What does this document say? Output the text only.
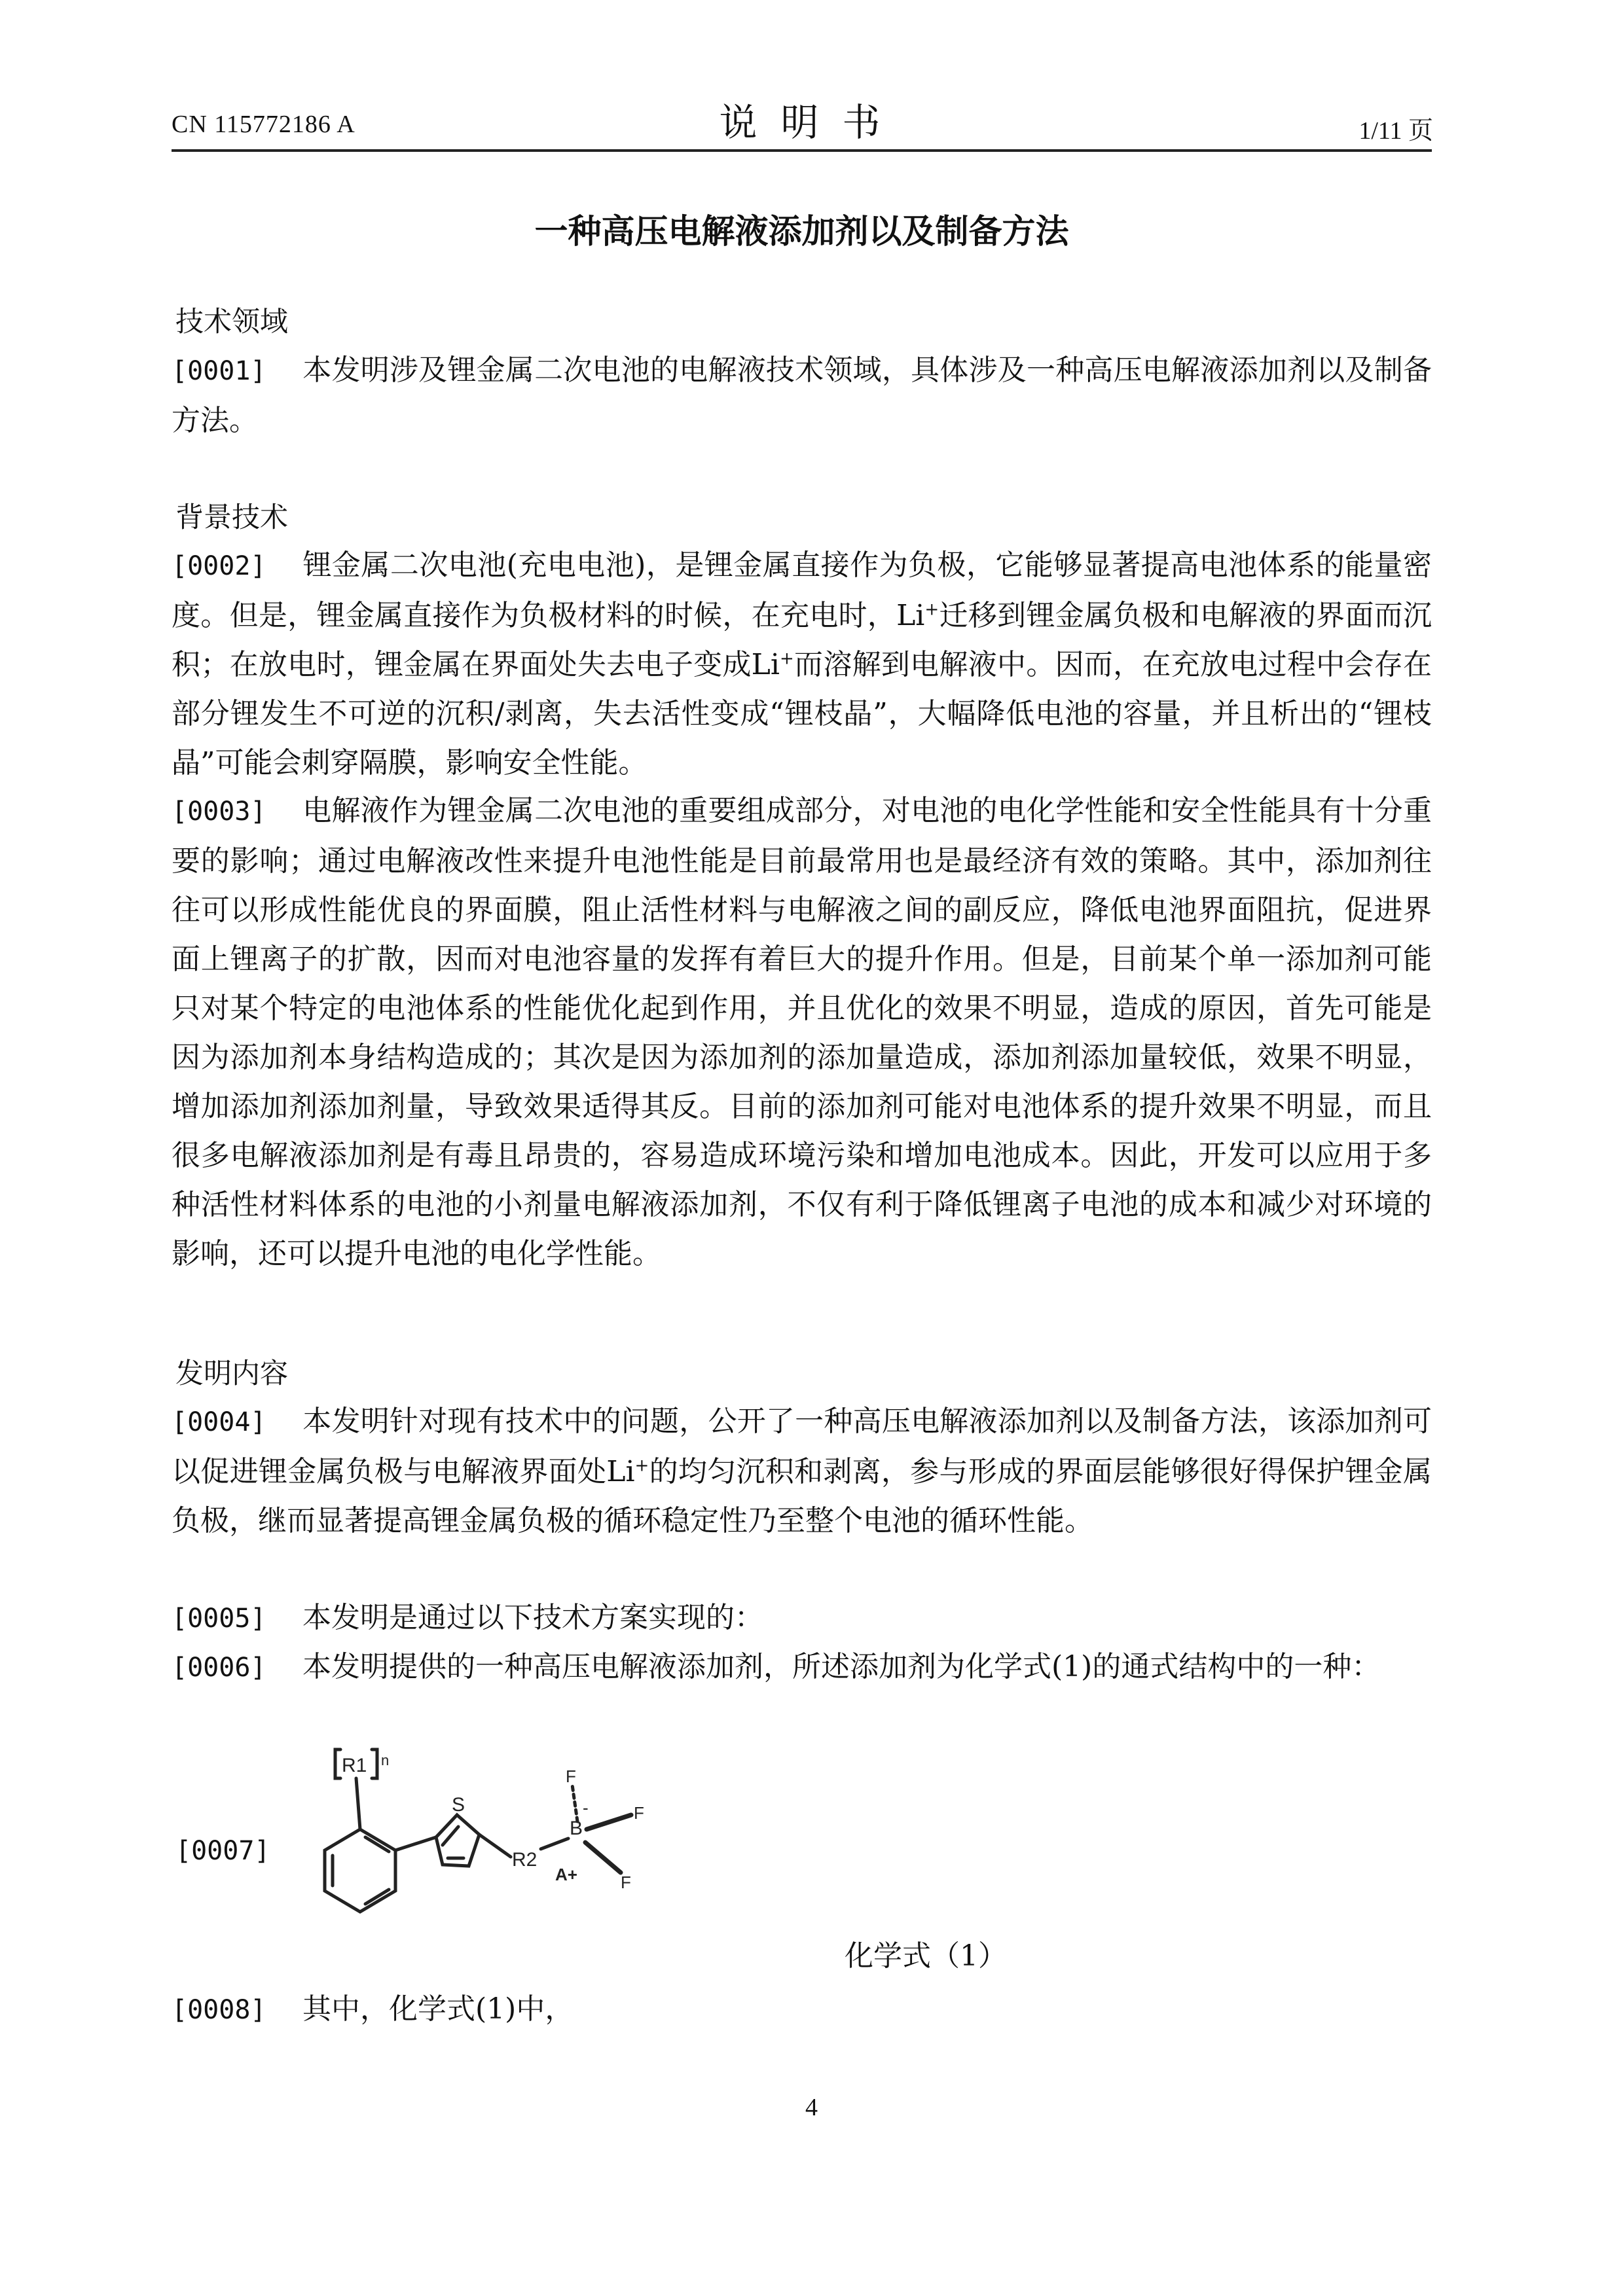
CN 115772186 A	说明书	1/11 页
一种高压电解液添加剂以及制备方法
技术领域
[0001] 本发明涉及锂金属二次电池的电解液技术领域，具体涉及一种高压电解液添加剂以及制备方法。
背景技术
[0002] 锂金属二次电池(充电电池)，是锂金属直接作为负极，它能够显著提高电池体系的能量密度。但是，锂金属直接作为负极材料的时候，在充电时，Li+迁移到锂金属负极和电解液的界面而沉积；在放电时，锂金属在界面处失去电子变成Li+而溶解到电解液中。因而，在充放电过程中会存在部分锂发生不可逆的沉积/剥离，失去活性变成“锂枝晶”，大幅降低电池的容量，并且析出的“锂枝晶”可能会刺穿隔膜，影响安全性能。
[0003] 电解液作为锂金属二次电池的重要组成部分，对电池的电化学性能和安全性能具有十分重要的影响；通过电解液改性来提升电池性能是目前最常用也是最经济有效的策略。其中，添加剂往往可以形成性能优良的界面膜，阻止活性材料与电解液之间的副反应，降低电池界面阻抗，促进界面上锂离子的扩散，因而对电池容量的发挥有着巨大的提升作用。但是，目前某个单一添加剂可能只对某个特定的电池体系的性能优化起到作用，并且优化的效果不明显，造成的原因，首先可能是因为添加剂本身结构造成的；其次是因为添加剂的添加量造成，添加剂添加量较低，效果不明显，增加添加剂添加剂量，导致效果适得其反。目前的添加剂可能对电池体系的提升效果不明显，而且很多电解液添加剂是有毒且昂贵的，容易造成环境污染和增加电池成本。因此，开发可以应用于多种活性材料体系的电池的小剂量电解液添加剂，不仅有利于降低锂离子电池的成本和减少对环境的影响，还可以提升电池的电化学性能。
发明内容
[0004] 本发明针对现有技术中的问题，公开了一种高压电解液添加剂以及制备方法，该添加剂可以促进锂金属负极与电解液界面处Li+的均匀沉积和剥离，参与形成的界面层能够很好得保护锂金属负极，继而显著提高锂金属负极的循环稳定性乃至整个电池的循环性能。
[0005] 本发明是通过以下技术方案实现的：
[0006] 本发明提供的一种高压电解液添加剂，所述添加剂为化学式(1)的通式结构中的一种：
[0007]
R1 n
S
R2
B
-
F
F
F
A+
化学式（1）
[0008] 其中，化学式(1)中，
4
